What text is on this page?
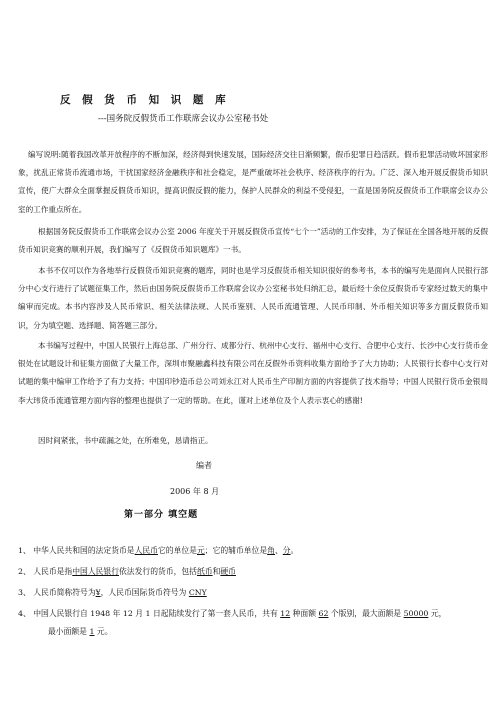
反 假 货 币 知 识 题 库
---国务院反假货币工作联席会议办公室秘书处
编写说明:随着我国改革开放程序的不断加深，经济得到快速发展，国际经济交往日渐频繁，假币犯罪日趋活跃。假币犯罪活动败坏国家形象，扰乱正常货币流通市场，干扰国家经济金融秩序和社会稳定，是严重破坏社会秩序、经济秩序的行为。广泛、深入地开展反假货币知识宣传，使广大群众全面掌握反假货币知识，提高识假反假的能力，保护人民群众的利益不受侵犯，一直是国务院反假货币工作联席会议办公室的工作重点所在。
根据国务院反假货币工作联席会议办公室 2006 年度关于开展反假货币宣传“七个一”活动的工作安排，为了保证在全国各地开展的反假货币知识竞赛的顺利开展，我们编写了《反假货币知识题库》一书。
本书不仅可以作为各地举行反假货币知识竞赛的题库，同时也是学习反假货币相关知识很好的参考书，本书的编写先是面向人民银行部分中心支行进行了试题征集工作，然后由国务院反假货币工作联席会议办公室秘书处归纳汇总，最后经十余位反假货币专家经过数天的集中编审而完成。本书内容涉及人民币常识、相关法律法规、人民币鉴别、人民币流通管理、人民币印制、外币相关知识等多方面反假货币知识，分为填空题、选择题、简答题三部分。
本书编写过程中，中国人民银行上海总部、广州分行、成都分行、杭州中心支行、福州中心支行、合肥中心支行、长沙中心支行货币金银处在试题设计和征集方面做了大量工作，深圳市聚融鑫科技有限公司在反假外币资料收集方面给予了大力协助；人民银行长春中心支行对试题的集中编审工作给予了有力支持；中国印钞造币总公司刘永江对人民币生产印制方面的内容提供了技术指导；中国人民银行货币金银局李大玮货币流通管理方面内容的整理也提供了一定的帮助。在此，谨对上述单位及个人表示衷心的感谢!
因时间紧张，书中疏漏之处，在所难免，恳请指正。
编者
2006 年 8 月
第一部分 填空题
1、 中华人民共和国的法定货币是人民币它的单位是元；它的辅币单位是角、分。
2、 人民币是指中国人民银行依法发行的货币，包括纸币和硬币
3、 人民币简称符号为¥，人民币国际货币符号为 CNY
4、 中国人民银行自 1948 年 12 月 1 日起陆续发行了第一套人民币，共有 12 种面额 62 个版别，最大面额是 50000 元，
最小面额是 1 元。
